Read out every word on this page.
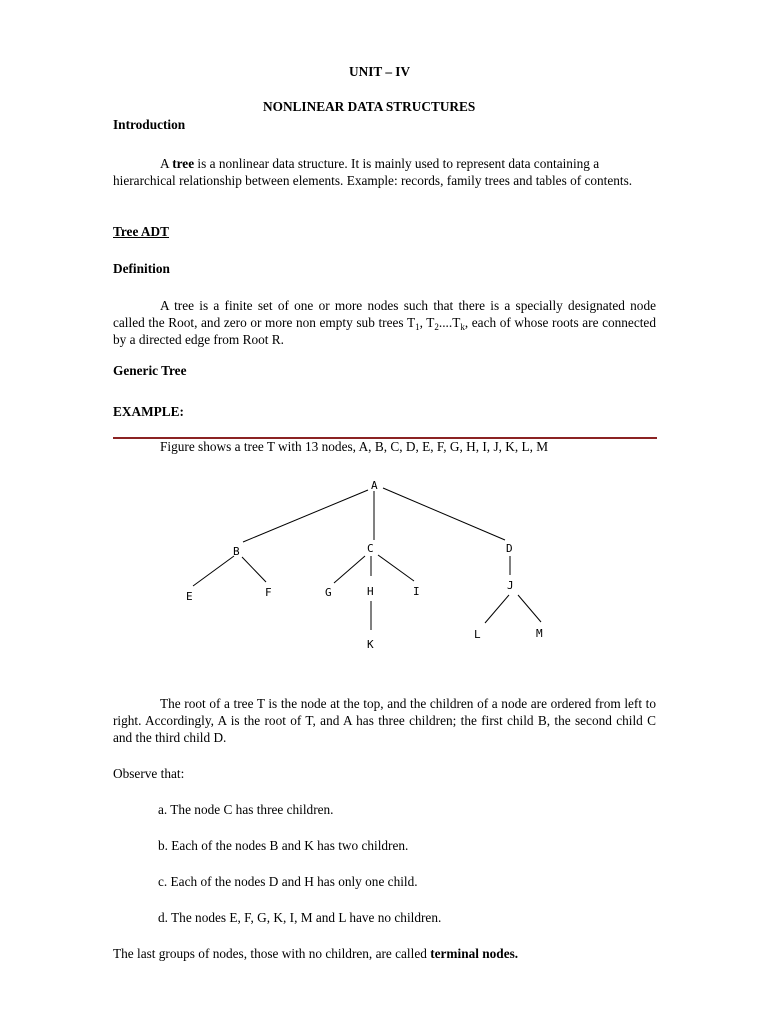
UNIT – IV
NONLINEAR DATA STRUCTURES
Introduction
A tree is a nonlinear data structure. It is mainly used to represent data containing a hierarchical relationship between elements. Example: records, family trees and tables of contents.
Tree ADT
Definition
A tree is a finite set of one or more nodes such that there is a specially designated node called the Root, and zero or more non empty sub trees $T_1$, $T_2....T_k$, each of whose roots are connected by a directed edge from Root R.
Generic Tree
EXAMPLE:
Figure shows a tree T with 13 nodes, A, B, C, D, E, F, G, H, I, J, K, L, M
A
B	C	D
E	F	G	H	I	J
K
L	M
The root of a tree T is the node at the top, and the children of a node are ordered from left to right. Accordingly, A is the root of T, and A has three children; the first child B, the second child C and the third child D.
Observe that:
a. The node C has three children.
b. Each of the nodes B and K has two children.
c. Each of the nodes D and H has only one child.
d. The nodes E, F, G, K, I, M and L have no children.
The last groups of nodes, those with no children, are called terminal nodes.
